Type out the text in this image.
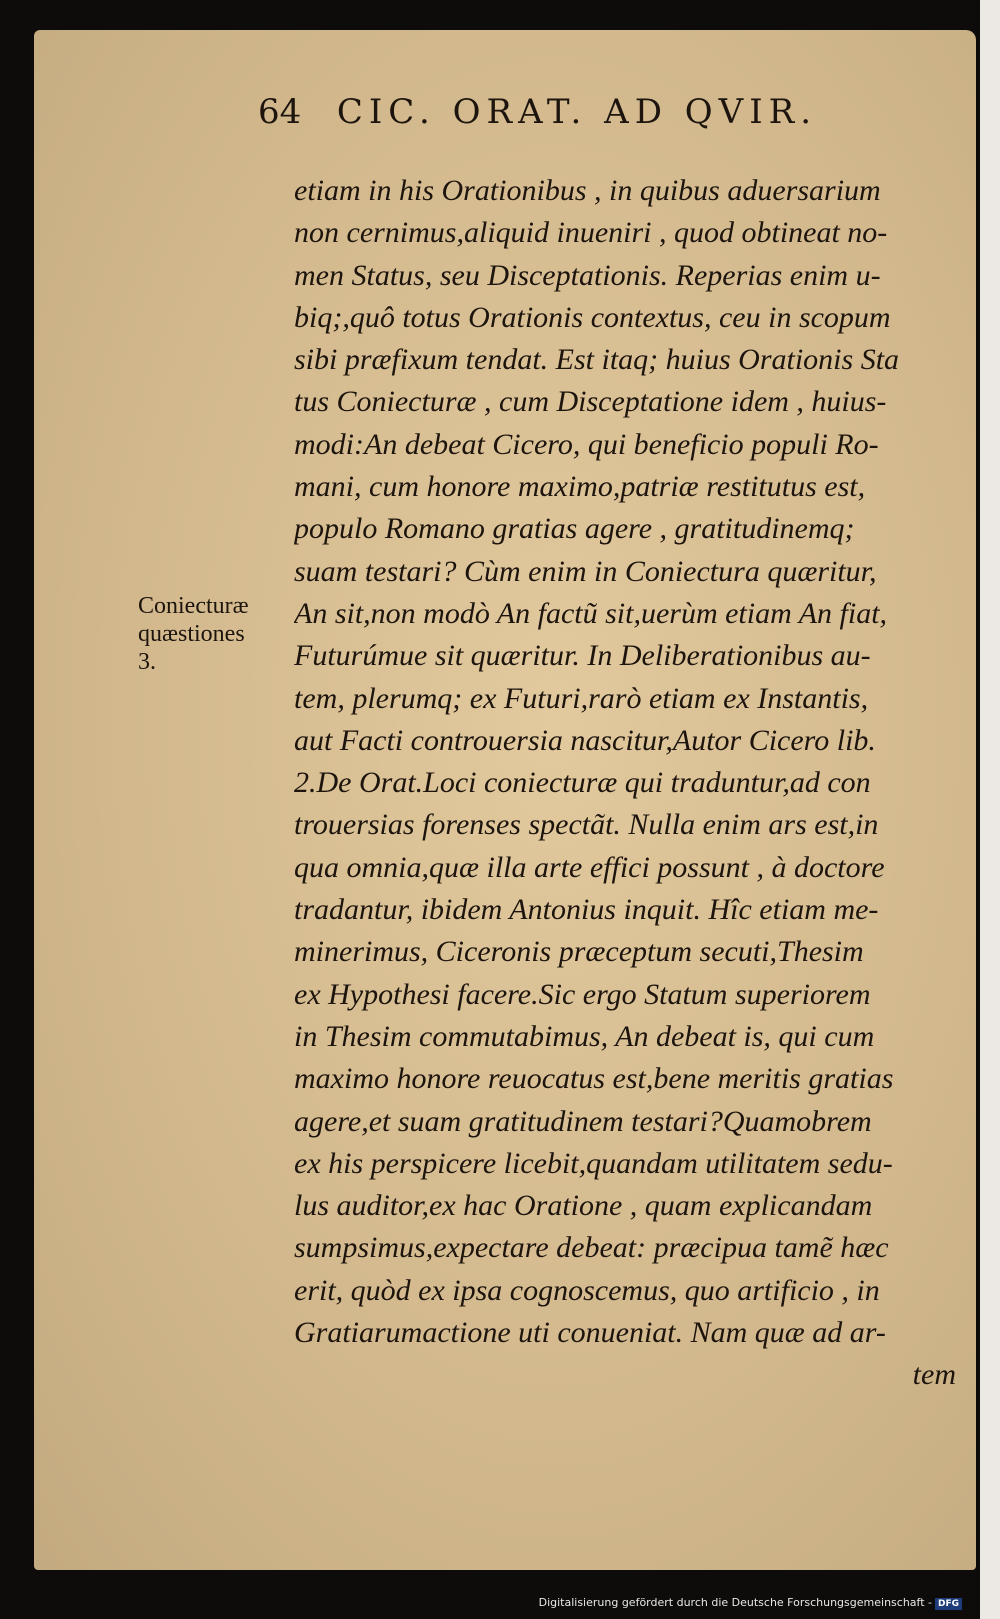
64 CIC. ORAT. AD QVIR.
Coniecturæ
quæstiones
3.
etiam in his Orationibus , in quibus aduersarium
non cernimus,aliquid inueniri , quod obtineat no-
men Status, seu Disceptationis. Reperias enim u-
biq;,quô totus Orationis contextus, ceu in scopum
sibi præfixum tendat. Est itaq; huius Orationis Sta
tus Coniecturæ , cum Disceptatione idem , huius-
modi:An debeat Cicero, qui beneficio populi Ro-
mani, cum honore maximo,patriæ restitutus est,
populo Romano gratias agere , gratitudinemq;
suam testari? Cùm enim in Coniectura quæritur,
An sit,non modò An factũ sit,uerùm etiam An fiat,
Futurúmue sit quæritur. In Deliberationibus au-
tem, plerumq; ex Futuri,rarò etiam ex Instantis,
aut Facti controuersia nascitur,Autor Cicero lib.
2.De Orat.Loci coniecturæ qui traduntur,ad con
trouersias forenses spectãt. Nulla enim ars est,in
qua omnia,quæ illa arte effici possunt , à doctore
tradantur, ibidem Antonius inquit. Hîc etiam me-
minerimus, Ciceronis præceptum secuti,Thesim
ex Hypothesi facere.Sic ergo Statum superiorem
in Thesim commutabimus, An debeat is, qui cum
maximo honore reuocatus est,bene meritis gratias
agere,et suam gratitudinem testari?Quamobrem
ex his perspicere licebit,quandam utilitatem sedu-
lus auditor,ex hac Oratione , quam explicandam
sumpsimus,expectare debeat: præcipua tamẽ hæc
erit, quòd ex ipsa cognoscemus, quo artificio , in
Gratiarumactione uti conueniat. Nam quæ ad ar-
tem
Digitalisierung gefördert durch die Deutsche Forschungsgemeinschaft - DFG
